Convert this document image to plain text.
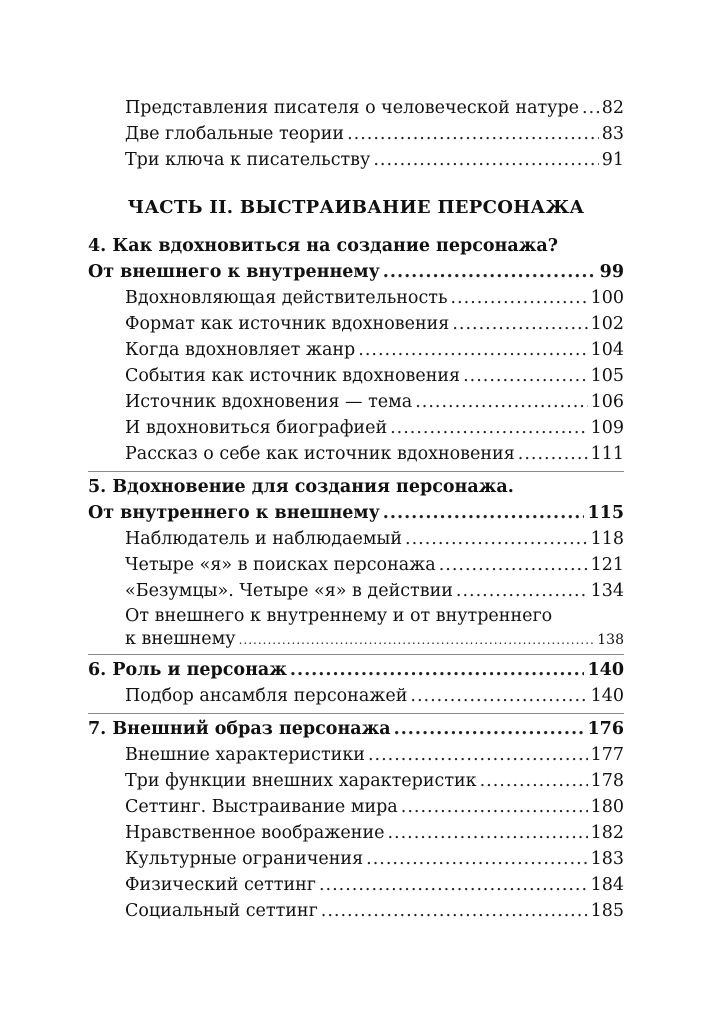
Представления писателя о человеческой натуре ..... 82
Две глобальные теории .....	83
Три ключа к писательству .....	91
ЧАСТЬ II. ВЫСТРАИВАНИЕ ПЕРСОНАЖА
4. Как вдохновиться на создание персонажа?
От внешнего к внутреннему .....	99
Вдохновляющая действительность .....	100
Формат как источник вдохновения .....	102
Когда вдохновляет жанр .....	104
События как источник вдохновения .....	105
Источник вдохновения — тема .....	106
И вдохновиться биографией .....	109
Рассказ о себе как источник вдохновения .....	111
5. Вдохновение для создания персонажа.
От внутреннего к внешнему .....	115
Наблюдатель и наблюдаемый .....	118
Четыре «я» в поисках персонажа .....	121
«Безумцы». Четыре «я» в действии .....	134
От внешнего к внутреннему и от внутреннего
к внешнему .....	138
6. Роль и персонаж .....	140
Подбор ансамбля персонажей .....	140
7. Внешний образ персонажа .....	176
Внешние характеристики .....	177
Три функции внешних характеристик .....	178
Сеттинг. Выстраивание мира .....	180
Нравственное воображение .....	182
Культурные ограничения .....	183
Физический сеттинг .....	184
Социальный сеттинг .....	185
